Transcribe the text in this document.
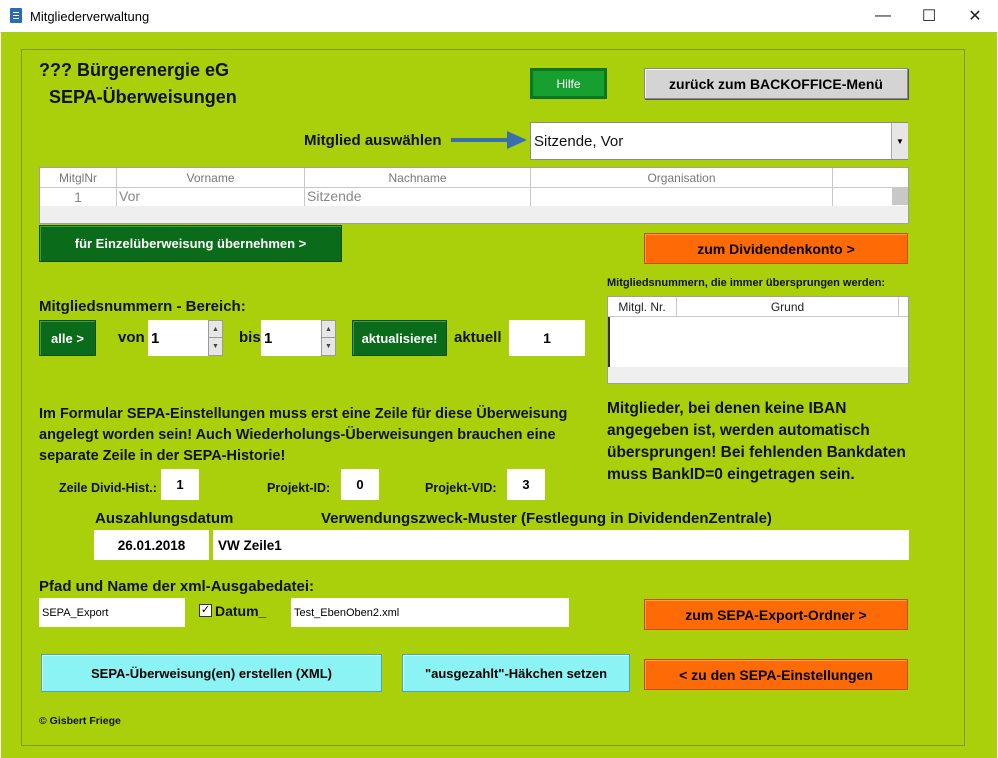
Mitgliederverwaltung	—	☐	✕
??? Bürgerenergie eG
SEPA-Überweisungen
Hilfe	zurück zum BACKOFFICE-Menü
Mitglied auswählen	Sitzende, Vor	▼
MitglNr	Vorname	Nachname	Organisation
1	Vor	Sitzende
für Einzelüberweisung übernehmen >	zum Dividendenkonto >
Mitgliedsnummern, die immer übersprungen werden:
Mitgl. Nr.	Grund
Mitgliedsnummern - Bereich:
alle >	von 1
▲
▼
bis 1
▲
▼
aktualisiere!	aktuell	1
Im Formular SEPA-Einstellungen muss erst eine Zeile für diese Überweisung angelegt worden sein! Auch Wiederholungs-Überweisungen brauchen eine separate Zeile in der SEPA-Historie!
Mitglieder, bei denen keine IBAN angegeben ist, werden automatisch übersprungen! Bei fehlenden Bankdaten muss BankID=0 eingetragen sein.
Zeile Divid-Hist.: 1	Projekt-ID: 0	Projekt-VID: 3
Auszahlungsdatum	Verwendungszweck-Muster (Festlegung in DividendenZentrale)
26.01.2018	VW Zeile1
Pfad und Name der xml-Ausgabedatei:
SEPA_Export	✓ Datum_	Test_EbenOben2.xml	zum SEPA-Export-Ordner >
SEPA-Überweisung(en) erstellen (XML)	"ausgezahlt"-Häkchen setzen	< zu den SEPA-Einstellungen
© Gisbert Friege
